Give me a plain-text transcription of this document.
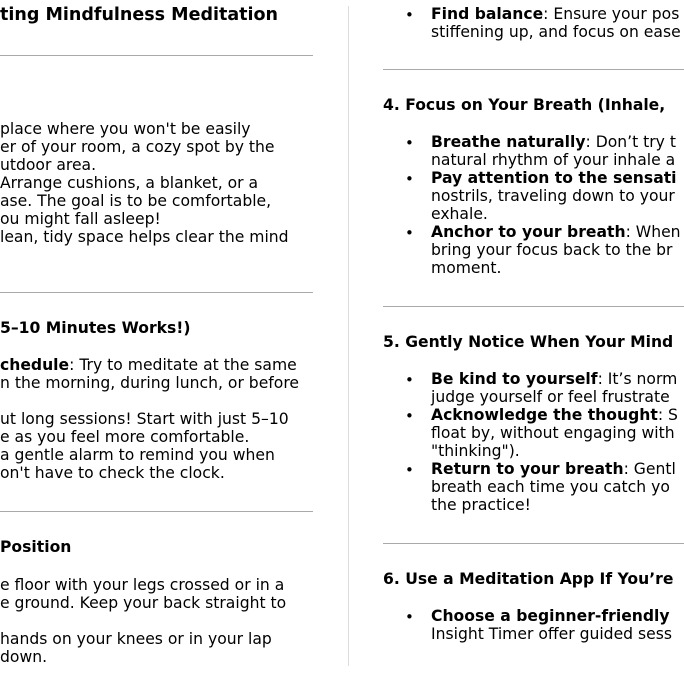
ting Mindfulness Meditation
place where you won't be easily
er of your room, a cozy spot by the
utdoor area.
Arrange cushions, a blanket, or a
ase. The goal is to be comfortable,
ou might fall asleep!
lean, tidy space helps clear the mind
5–10 Minutes Works!)
chedule: Try to meditate at the same
n the morning, during lunch, or before
ut long sessions! Start with just 5–10
e as you feel more comfortable.
a gentle alarm to remind you when
on't have to check the clock.
Position
e floor with your legs crossed or in a
e ground. Keep your back straight to
hands on your knees or in your lap
down.
• Find balance: Ensure your pos
stiffening up, and focus on ease
4. Focus on Your Breath (Inhale,
• Breathe naturally: Don’t try t
natural rhythm of your inhale a
• Pay attention to the sensati
nostrils, traveling down to your
exhale.
• Anchor to your breath: When
bring your focus back to the br
moment.
5. Gently Notice When Your Mind
• Be kind to yourself: It’s norm
judge yourself or feel frustrate
• Acknowledge the thought: S
float by, without engaging with
"thinking").
• Return to your breath: Gentl
breath each time you catch yo
the practice!
6. Use a Meditation App If You’re
• Choose a beginner-friendly
Insight Timer offer guided sess
